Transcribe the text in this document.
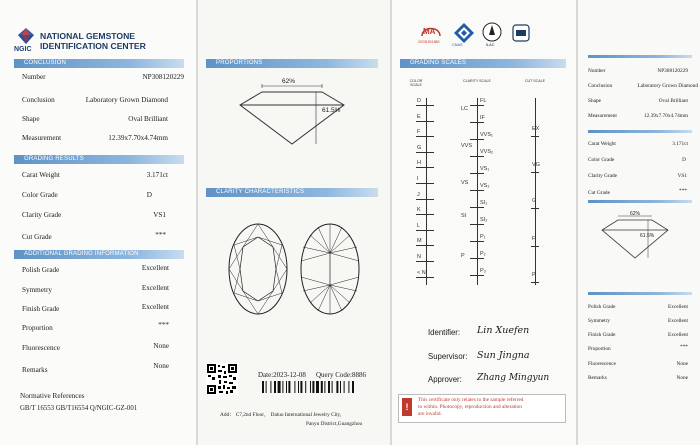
NGIC
NATIONAL GEMSTONE
IDENTIFICATION CENTER
CONCLUSION
Number	NP308120229
Conclusion	Laboratory Grown Diamond
Shape	Oval Brilliant
Measurement	12.39x7.70x4.74mm
GRADING RESULTS
Carat Weight	3.171ct
Color Grade	D
Clarity Grade	VS1
Cut Grade	***
ADDITIONAL GRADING INFORMATION
Polish Grade	Excellent
Symmetry	Excellent
Finish Grade	Excellent
Proportion	***
Fluorescence	None
Remarks	None
Normative References
GB/T 16553 GB/T16554 Q/NGIC-GZ-001
PROPORTIONS
62%
61.5%
CLARITY CHARACTERISTICS
Date:2023-12-08 Query Code:8886
Add： C7,2nd Floor， Daluo International Jewelry City,
Panyu District,Guangzhou
MA
2023190188K
CNAS	ILAC
GRADING SCALES
COLOR SCALE
CLARITY SCALE	CUT SCALE
D
E
F
G
H
I
J
K
L
M
N
< N
FL
IF
VVS₁
VVS₂
VS₁
VS₂
SI₁
SI₂
P₁
P₂
P₃
LC
VVS
VS
SI
P
EX
VG
G
F
P
Identifier: Lin Xuefen
Supervisor: Sun Jingna
Approver: Zhang Mingyun
!
This certificate only relates to the sample referred
to within. Photocopy, reproduction and alteration
are invalid.
Number	NP308120229
Conclusion	Laboratory Grown Diamond
Shape	Oval Brilliant
Measurement	12.39x7.70x4.74mm
Carat Weight	3.171ct
Color Grade	D
Clarity Grade	VS1
Cut Grade	***
62%
61.5%
Polish Grade	Excellent
Symmetry	Excellent
Finish Grade	Excellent
Proportion	***
Fluorescence	None
Remarks	None
